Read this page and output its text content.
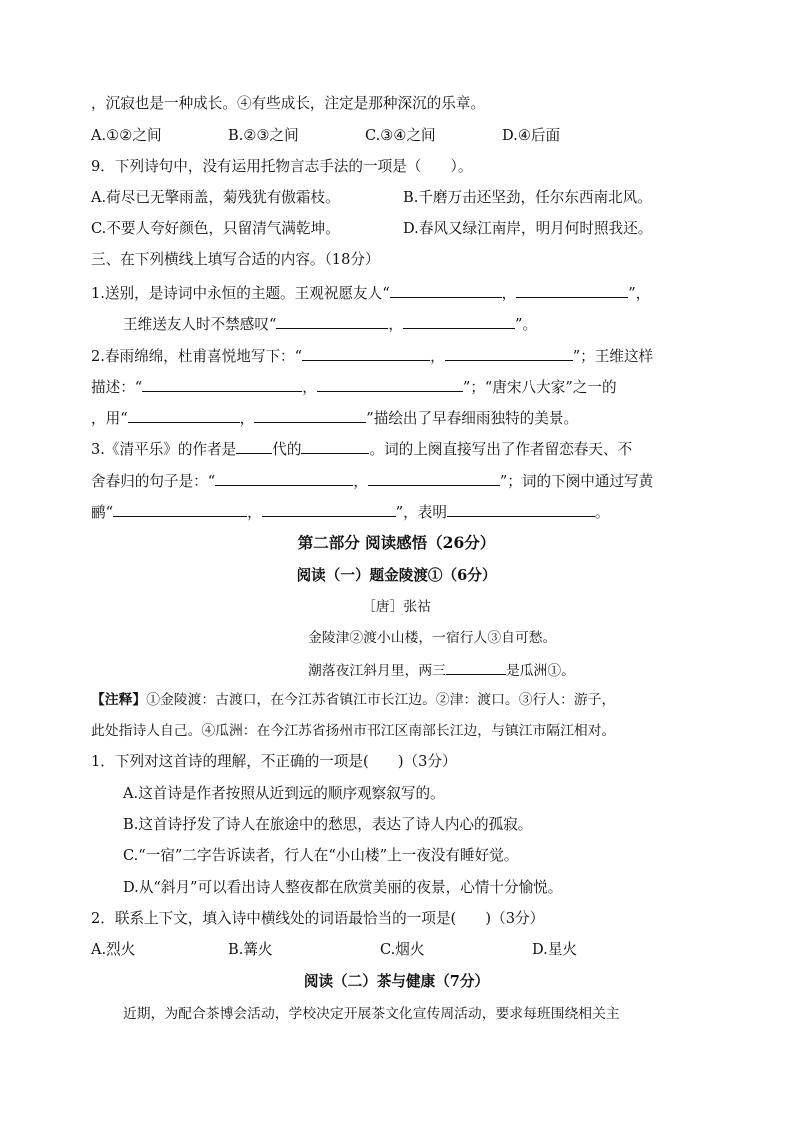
，沉寂也是一种成长。④有些成长，注定是那种深沉的乐章。
A.①②之间	B.②③之间	C.③④之间	D.④后面
9．下列诗句中，没有运用托物言志手法的一项是（　　）。
A.荷尽已无擎雨盖，菊残犹有傲霜枝。	B.千磨万击还坚劲，任尔东西南北风。
C.不要人夸好颜色，只留清气满乾坤。	D.春风又绿江南岸，明月何时照我还。
三、在下列横线上填写合适的内容。（18分）
1.送别，是诗词中永恒的主题。王观祝愿友人“	，	”，
王维送友人时不禁感叹“	，	”。
2.春雨绵绵，杜甫喜悦地写下：“	，	”；王维这样
描述：“	，	”；“唐宋八大家”之一的
，用“	，	”描绘出了早春细雨独特的美景。
3.《清平乐》的作者是 代的	。词的上阕直接写出了作者留恋春天、不
舍春归的句子是：“	，	”；词的下阕中通过写黄
鹂“	，	”，表明	。
第二部分 阅读感悟（26分）
阅读（一）题金陵渡①（6分）
［唐］张祜
金陵津②渡小山楼，一宿行人③自可愁。
潮落夜江斜月里，两三	是瓜洲①。
【注释】①金陵渡：古渡口，在今江苏省镇江市长江边。②津：渡口。③行人：游子，
此处指诗人自己。④瓜洲：在今江苏省扬州市邗江区南部长江边，与镇江市隔江相对。
1．下列对这首诗的理解，不正确的一项是(　　)（3分）
A.这首诗是作者按照从近到远的顺序观察叙写的。
B.这首诗抒发了诗人在旅途中的愁思，表达了诗人内心的孤寂。
C.“一宿”二字告诉读者，行人在“小山楼”上一夜没有睡好觉。
D.从“斜月”可以看出诗人整夜都在欣赏美丽的夜景，心情十分愉悦。
2．联系上下文，填入诗中横线处的词语最恰当的一项是(　　)（3分）
A.烈火	B.篝火	C.烟火	D.星火
阅读（二）茶与健康（7分）
近期，为配合茶博会活动，学校决定开展茶文化宣传周活动，要求每班围绕相关主
